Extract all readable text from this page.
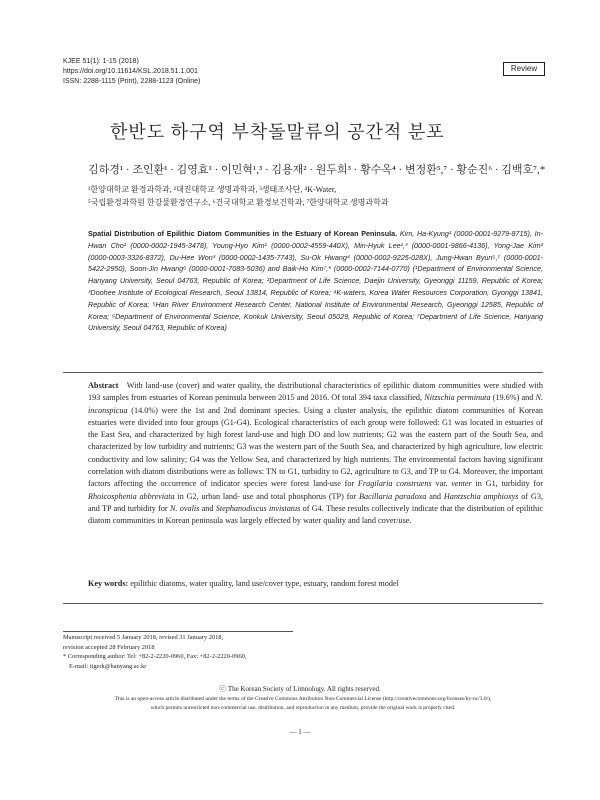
KJEE 51(1): 1-15 (2018)
https://doi.org/10.11614/KSL.2018.51.1.001
ISSN: 2288-1115 (Print), 2288-1123 (Online)
Review
한반도 하구역 부착돌말류의 공간적 분포
김하경¹ · 조인환¹ · 김영효¹ · 이민혁¹,³ · 김용재² · 원두희³ · 황수옥⁴ · 변정환⁵,⁷ · 황순진⁶ · 김백호⁷,*
¹한양대학교 환경과학과, ²대진대학교 생명과학과, ³생태조사단, ⁴K-Water,
⁵국립환경과학원 한강물환경연구소, ⁶건국대학교 환경보건학과, ⁷한양대학교 생명과학과
Spatial Distribution of Epilithic Diatom Communities in the Estuary of Korean Peninsula. Kim, Ha-Kyung¹ (0000-0001-9279-8715), In-Hwan Cho¹ (0000-0002-1945-3478), Young-Hyo Kim¹ (0000-0002-4559-440X), Min-Hyuk Lee¹,³ (0000-0001-9866-4136), Yong-Jae Kim² (0000-0003-3326-8372), Du-Hee Won³ (0000-0002-1435-7743), Su-Ok Hwang⁴ (0000-0002-9225-028X), Jung-Hwan Byun⁵,⁷ (0000-0001-5422-2950), Soon-Jin Hwang⁶ (0000-0001-7083-5036) and Baik-Ho Kim⁷,* (0000-0002-7144-0770) (¹Department of Environmental Science, Hanyang University, Seoul 04763, Republic of Korea; ²Department of Life Science, Daejin University, Gyeonggi 11159, Republic of Korea; ³Doohee Institute of Ecological Research, Seoul 13814, Republic of Korea; ⁴K-waters, Korea Water Resources Corporation, Gyonggi 13841, Republic of Korea; ⁵Han River Environment Research Center, National Institute of Environmental Research, Gyeonggi 12585, Republic of Korea; ⁶Department of Environmental Science, Konkuk University, Seoul 05029, Republic of Korea; ⁷Department of Life Science, Hanyang University, Seoul 04763, Republic of Korea)
Abstract With land-use (cover) and water quality, the distributional characteristics of epilithic diatom communities were studied with 193 samples from estuaries of Korean peninsula between 2015 and 2016. Of total 394 taxa classified, Nitzschia perminuta (19.6%) and N. inconspicua (14.0%) were the 1st and 2nd dominant species. Using a cluster analysis, the epilithic diatom communities of Korean estuaries were divided into four groups (G1-G4). Ecological characteristics of each group were followed: G1 was located in estuaries of the East Sea, and characterized by high forest land-use and high DO and low nutrients; G2 was the eastern part of the South Sea, and characterized by low turbidity and nutrients; G3 was the western part of the South Sea, and characterized by high agriculture, low electric conductivity and low salinity; G4 was the Yellow Sea, and characterized by high nutrients. The environmental factors having significant correlation with diatom distributions were as follows: TN to G1, turbidity to G2, agriculture to G3, and TP to G4. Moreover, the important factors affecting the occurrence of indicator species were forest land-use for Fragilaria construens var. venter in G1, turbidity for Rhoicosphenia abbreviata in G2, urban land- use and total phosphorus (TP) for Bacillaria paradoxa and Hantzschia amphioxys of G3, and TP and turbidity for N. ovalis and Stephanodiscus invistatus of G4. These results collectively indicate that the distribution of epilithic diatom communities in Korean peninsula was largely effected by water quality and land cover/use.
Key words: epilithic diatoms, water quality, land use/cover type, estuary, random forest model
Manuscript received 5 January 2018, revised 31 January 2018,
revision accepted 28 February 2018
* Corresponding author: Tel: +82-2-2220-0960, Fax: +82-2-2220-0960,
E-mail: tigerk@hanyang.ac.kr
ⓒ The Korean Society of Limnology. All rights reserved.
This is an open-access article distributed under the terms of the Creative Commons Attribution Non-Commercial License (http://creativecommons.org/licenses/by-nc/3.0/),
which permits unrestricted non-commercial use, distribution, and reproduction in any medium, provide the original work is properly cited.
— 1 —
